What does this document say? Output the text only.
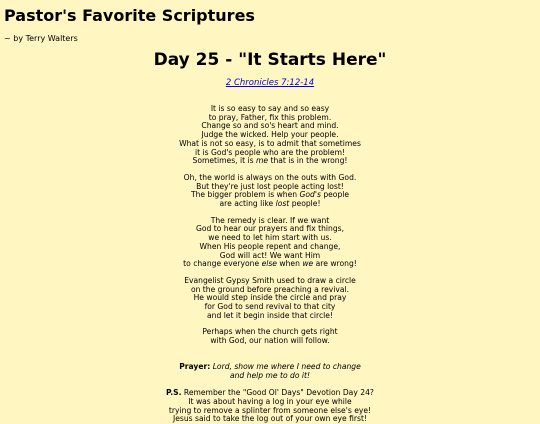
Pastor's Favorite Scriptures
~ by Terry Walters
Day 25 - "It Starts Here"
2 Chronicles 7:12-14

It is so easy to say and so easy
to pray, Father, fix this problem.
Change so and so's heart and mind.
Judge the wicked. Help your people.
What is not so easy, is to admit that sometimes
it is God's people who are the problem!
Sometimes, it is me that is in the wrong!

Oh, the world is always on the outs with God.
But they're just lost people acting lost!
The bigger problem is when God's people
are acting like lost people!

The remedy is clear. If we want
God to hear our prayers and fix things,
we need to let him start with us.
When His people repent and change,
God will act! We want Him
to change everyone else when we are wrong!

Evangelist Gypsy Smith used to draw a circle
on the ground before preaching a revival.
He would step inside the circle and pray
for God to send revival to that city
and let it begin inside that circle!

Perhaps when the church gets right
with God, our nation will follow.

Prayer: Lord, show me where I need to change
and help me to do it!

P.S. Remember the "Good Ol' Days" Devotion Day 24?
It was about having a log in your eye while
trying to remove a splinter from someone else's eye!
Jesus said to take the log out of your own eye first!
